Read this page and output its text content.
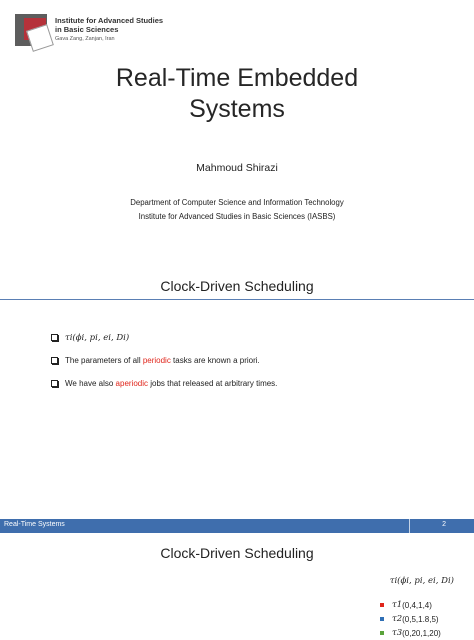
Institute for Advanced Studies
in Basic Sciences
Gava Zang, Zanjan, Iran
Real-Time Embedded
Systems
Mahmoud Shirazi
Department of Computer Science and Information Technology
Institute for Advanced Studies in Basic Sciences (IASBS)
Clock-Driven Scheduling
τi(ϕi, pi, ei, Di)
The parameters of all periodic tasks are known a priori.
We have also aperiodic jobs that released at arbitrary times.
Real-Time Systems	2
Clock-Driven Scheduling
τi(ϕi, pi, ei, Di)
τ1 (0,4,1,4)
τ2 (0,5,1.8,5)
τ3 (0,20,1,20)
